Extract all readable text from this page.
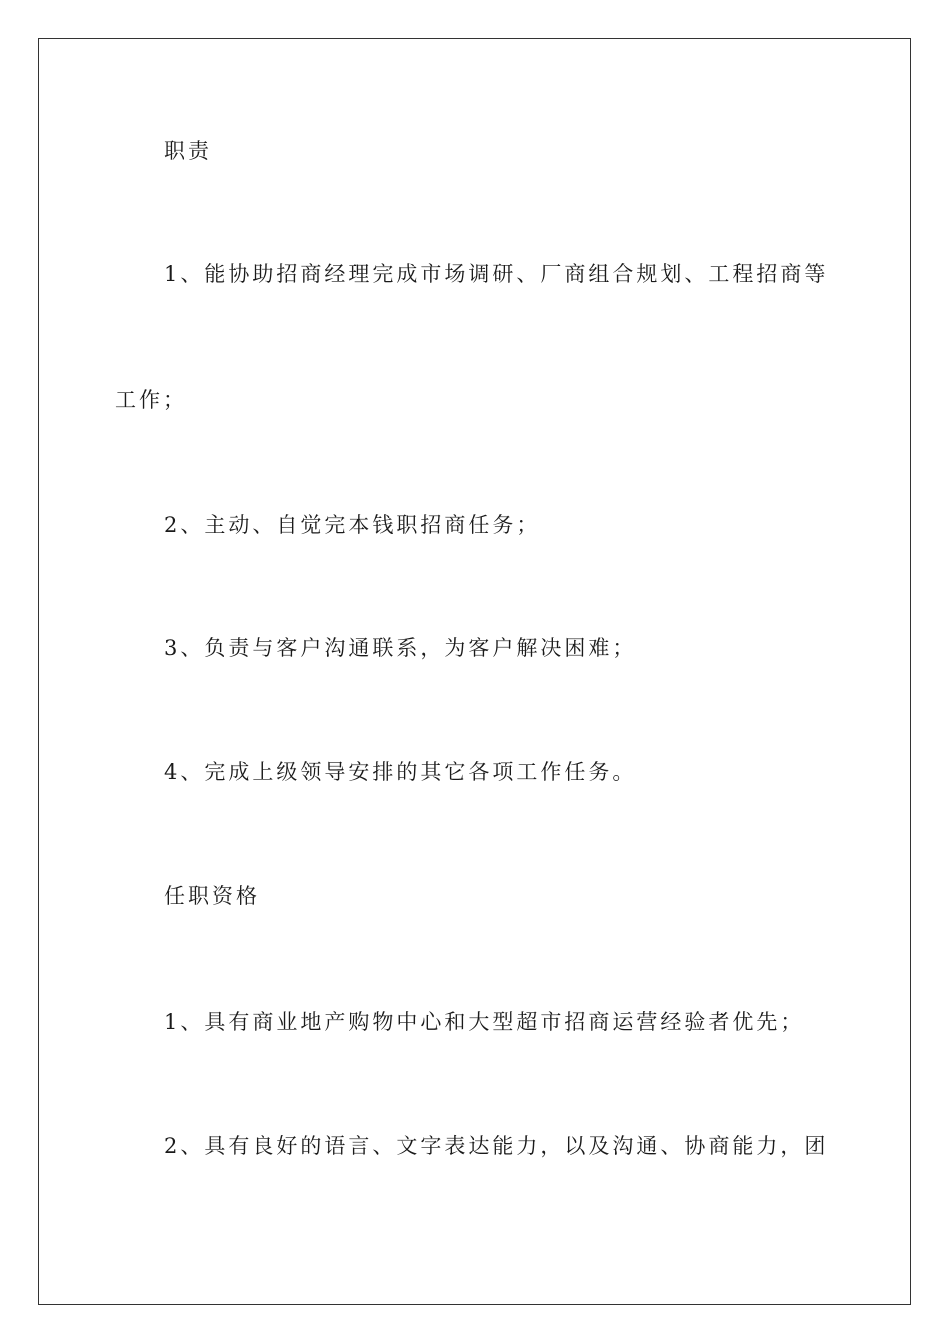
职责
1、能协助招商经理完成市场调研、厂商组合规划、工程招商等
工作；
2、主动、自觉完本钱职招商任务；
3、负责与客户沟通联系，为客户解决困难；
4、完成上级领导安排的其它各项工作任务。
任职资格
1、具有商业地产购物中心和大型超市招商运营经验者优先；
2、具有良好的语言、文字表达能力，以及沟通、协商能力，团
